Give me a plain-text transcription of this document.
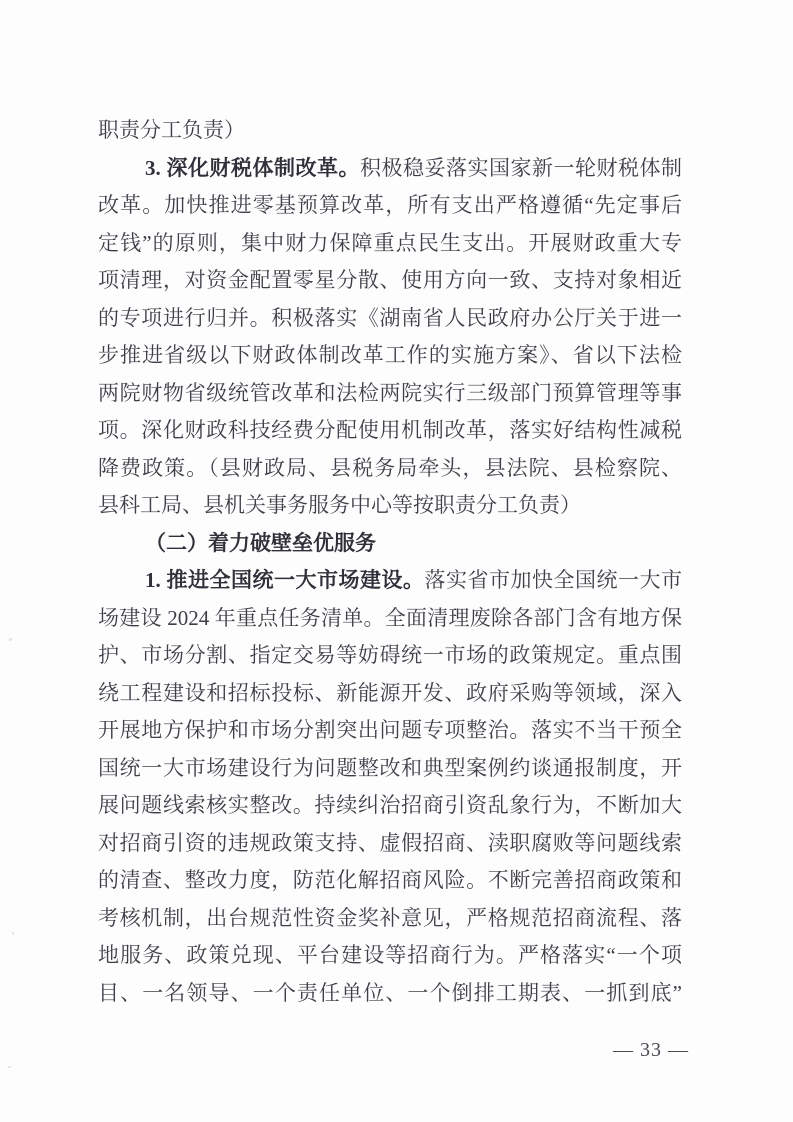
职责分工负责）
3. 深化财税体制改革。积极稳妥落实国家新一轮财税体制
改革。加快推进零基预算改革，所有支出严格遵循“先定事后
定钱”的原则，集中财力保障重点民生支出。开展财政重大专
项清理，对资金配置零星分散、使用方向一致、支持对象相近
的专项进行归并。积极落实《湖南省人民政府办公厅关于进一
步推进省级以下财政体制改革工作的实施方案》、省以下法检
两院财物省级统管改革和法检两院实行三级部门预算管理等事
项。深化财政科技经费分配使用机制改革，落实好结构性减税
降费政策。（县财政局、县税务局牵头，县法院、县检察院、
县科工局、县机关事务服务中心等按职责分工负责）
（二）着力破壁垒优服务
1. 推进全国统一大市场建设。落实省市加快全国统一大市
场建设 2024 年重点任务清单。全面清理废除各部门含有地方保
护、市场分割、指定交易等妨碍统一市场的政策规定。重点围
绕工程建设和招标投标、新能源开发、政府采购等领域，深入
开展地方保护和市场分割突出问题专项整治。落实不当干预全
国统一大市场建设行为问题整改和典型案例约谈通报制度，开
展问题线索核实整改。持续纠治招商引资乱象行为，不断加大
对招商引资的违规政策支持、虚假招商、渎职腐败等问题线索
的清查、整改力度，防范化解招商风险。不断完善招商政策和
考核机制，出台规范性资金奖补意见，严格规范招商流程、落
地服务、政策兑现、平台建设等招商行为。严格落实“一个项
目、一名领导、一个责任单位、一个倒排工期表、一抓到底”
— 33 —
